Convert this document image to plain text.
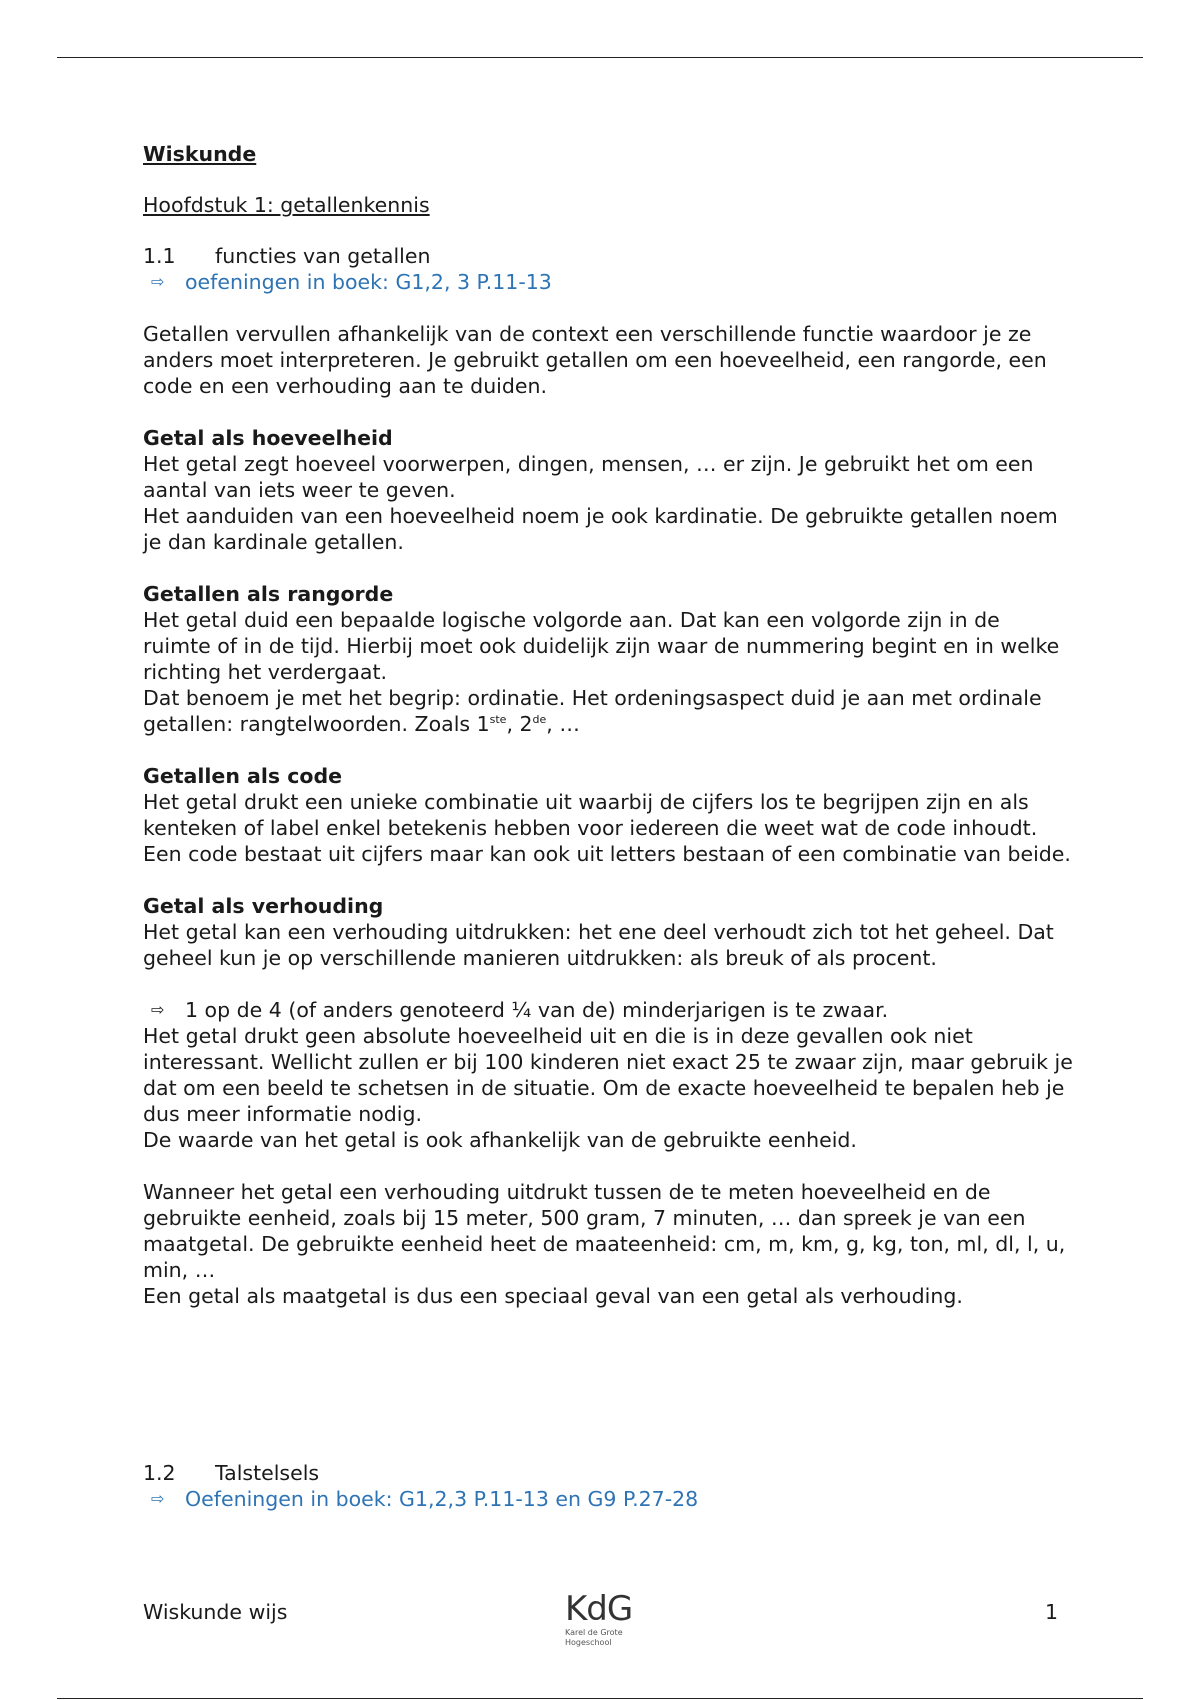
Wiskunde

Hoofdstuk 1: getallenkennis

1.1 functies van getallen
⇨	oefeningen in boek: G1,2, 3 P.11-13

Getallen vervullen afhankelijk van de context een verschillende functie waardoor je ze anders moet interpreteren. Je gebruikt getallen om een hoeveelheid, een rangorde, een code en een verhouding aan te duiden.

Getal als hoeveelheid

Het getal zegt hoeveel voorwerpen, dingen, mensen, … er zijn. Je gebruikt het om een aantal van iets weer te geven.

Het aanduiden van een hoeveelheid noem je ook kardinatie. De gebruikte getallen noem je dan kardinale getallen.

Getallen als rangorde

Het getal duid een bepaalde logische volgorde aan. Dat kan een volgorde zijn in de ruimte of in de tijd. Hierbij moet ook duidelijk zijn waar de nummering begint en in welke richting het verdergaat.

Dat benoem je met het begrip: ordinatie. Het ordeningsaspect duid je aan met ordinale getallen: rangtelwoorden. Zoals 1ste, 2de, …

Getallen als code

Het getal drukt een unieke combinatie uit waarbij de cijfers los te begrijpen zijn en als kenteken of label enkel betekenis hebben voor iedereen die weet wat de code inhoudt. Een code bestaat uit cijfers maar kan ook uit letters bestaan of een combinatie van beide.

Getal als verhouding

Het getal kan een verhouding uitdrukken: het ene deel verhoudt zich tot het geheel. Dat geheel kun je op verschillende manieren uitdrukken: als breuk of als procent.

⇨	1 op de 4 (of anders genoteerd ¼ van de) minderjarigen is te zwaar.

Het getal drukt geen absolute hoeveelheid uit en die is in deze gevallen ook niet interessant. Wellicht zullen er bij 100 kinderen niet exact 25 te zwaar zijn, maar gebruik je dat om een beeld te schetsen in de situatie. Om de exacte hoeveelheid te bepalen heb je dus meer informatie nodig.

De waarde van het getal is ook afhankelijk van de gebruikte eenheid.

Wanneer het getal een verhouding uitdrukt tussen de te meten hoeveelheid en de gebruikte eenheid, zoals bij 15 meter, 500 gram, 7 minuten, … dan spreek je van een maatgetal. De gebruikte eenheid heet de maateenheid: cm, m, km, g, kg, ton, ml, dl, l, u, min, …

Een getal als maatgetal is dus een speciaal geval van een getal als verhouding.

1.2 Talstelsels
⇨	Oefeningen in boek: G1,2,3 P.11-13 en G9 P.27-28
Wiskunde wijs	KdG
Karel de Grote
Hogeschool
1
